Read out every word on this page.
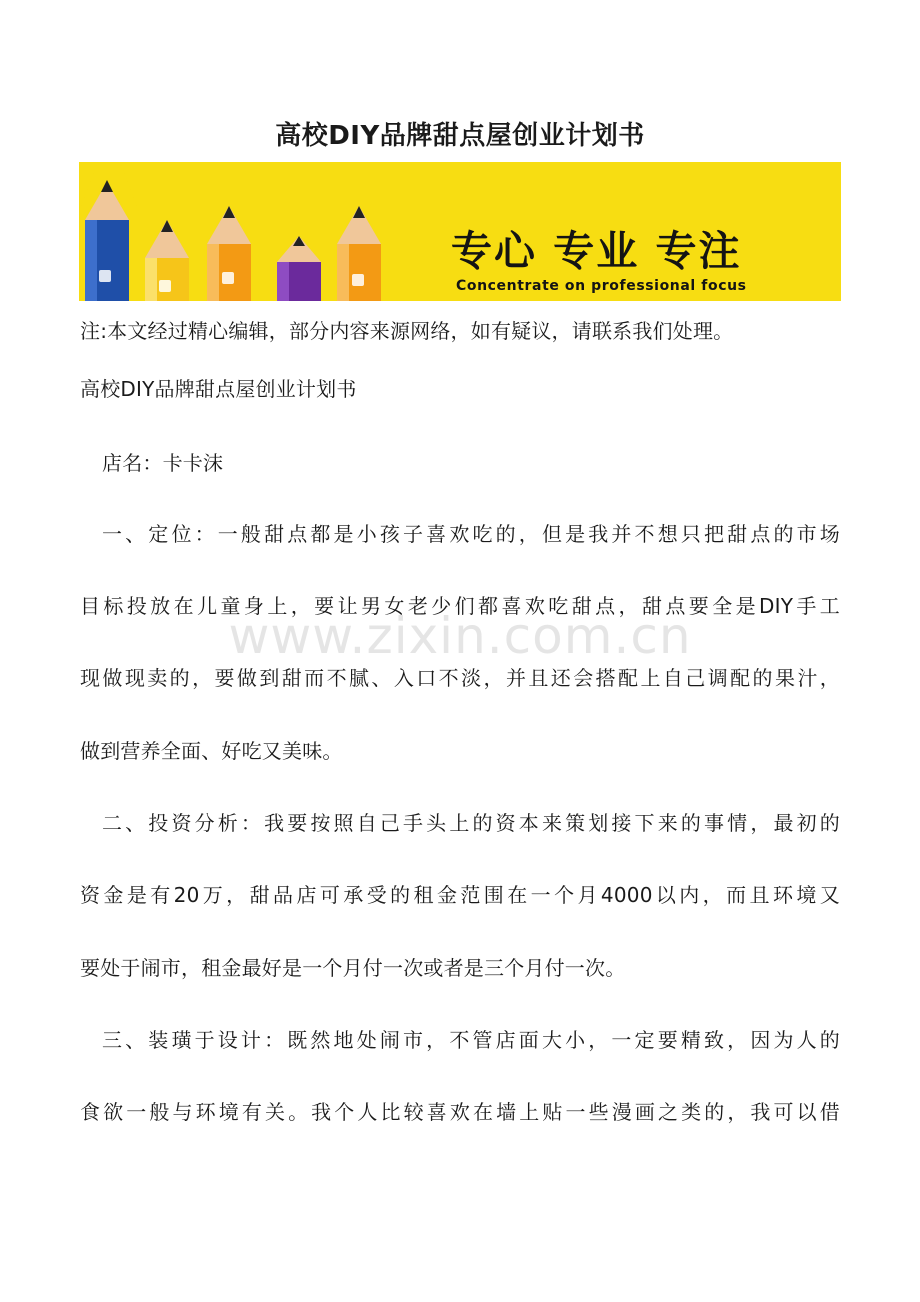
高校DIY品牌甜点屋创业计划书
专心 专业 专注
Concentrate on professional focus
注:本文经过精心编辑，部分内容来源网络，如有疑议，请联系我们处理。
高校DIY品牌甜点屋创业计划书
店名：卡卡沫
一、定位：一般甜点都是小孩子喜欢吃的，但是我并不想只把甜点的市场
目标投放在儿童身上，要让男女老少们都喜欢吃甜点，甜点要全是DIY手工
现做现卖的，要做到甜而不腻、入口不淡，并且还会搭配上自己调配的果汁，
做到营养全面、好吃又美味。
二、投资分析：我要按照自己手头上的资本来策划接下来的事情，最初的
资金是有20万，甜品店可承受的租金范围在一个月4000以内，而且环境又
要处于闹市，租金最好是一个月付一次或者是三个月付一次。
三、装璜于设计：既然地处闹市，不管店面大小，一定要精致，因为人的
食欲一般与环境有关。我个人比较喜欢在墙上贴一些漫画之类的，我可以借
www.zixin.com.cn
